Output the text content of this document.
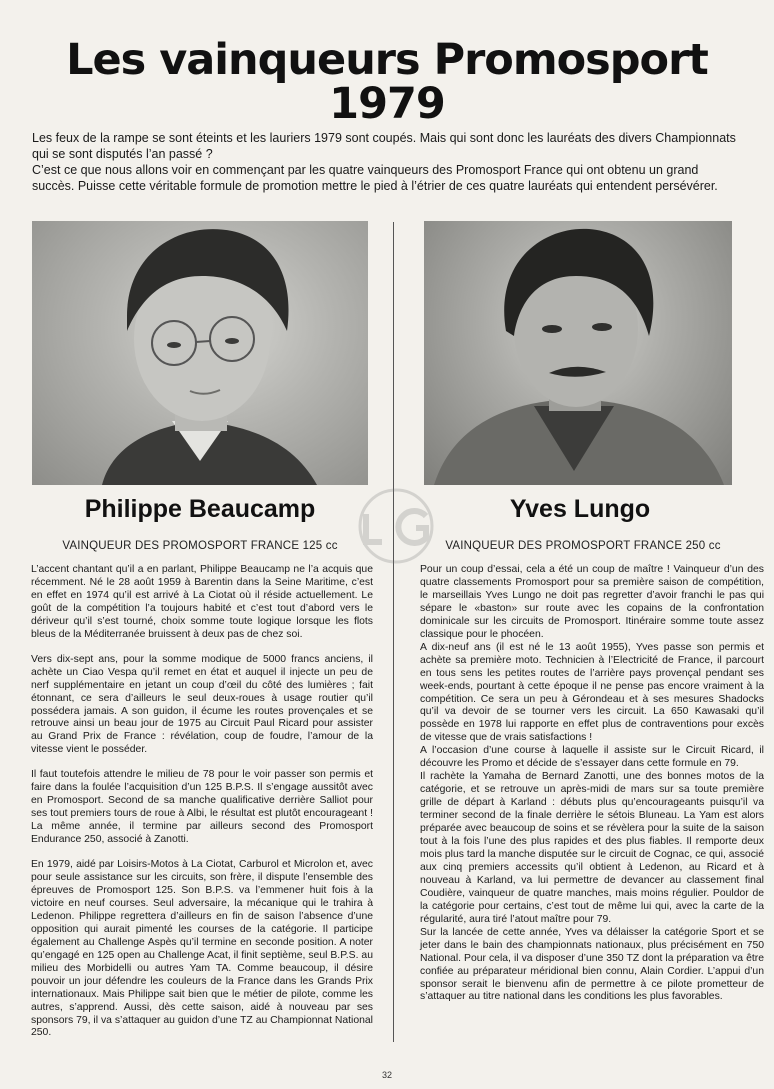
Les vainqueurs Promosport
1979

Les feux de la rampe se sont éteints et les lauriers 1979 sont coupés. Mais qui sont donc les lauréats des divers Championnats qui se sont disputés l’an passé ?

C’est ce que nous allons voir en commençant par les quatre vainqueurs des Promosport France qui ont obtenu un grand succès. Puisse cette véritable formule de promotion mettre le pied à l’étrier de ces quatre lauréats qui entendent persévérer.

Philippe Beaucamp	Yves Lungo

VAINQUEUR DES PROMOSPORT FRANCE 125 cc	VAINQUEUR DES PROMOSPORT FRANCE 250 cc

L’accent chantant qu’il a en parlant, Philippe Beaucamp ne l’a acquis que récemment. Né le 28 août 1959 à Barentin dans la Seine Maritime, c’est en effet en 1974 qu’il est arrivé à La Ciotat où il réside actuellement. Le goût de la compétition l’a toujours habité et c’est tout d’abord vers le dériveur qu’il s’est tourné, choix somme toute logique lorsque les flots bleus de la Méditerranée bruissent à deux pas de chez soi.

Vers dix-sept ans, pour la somme modique de 5000 francs anciens, il achète un Ciao Vespa qu’il remet en état et auquel il injecte un peu de nerf supplémentaire en jetant un coup d’œil du côté des lumières ; fait étonnant, ce sera d’ailleurs le seul deux-roues à usage routier qu’il possédera jamais. A son guidon, il écume les routes provençales et se retrouve ainsi un beau jour de 1975 au Circuit Paul Ricard pour assister au Grand Prix de France : révélation, coup de foudre, l’amour de la vitesse vient le posséder.

Il faut toutefois attendre le milieu de 78 pour le voir passer son permis et faire dans la foulée l’acquisition d’un 125 B.P.S. Il s’engage aussitôt avec en Promosport. Second de sa manche qualificative derrière Salliot pour ses tout premiers tours de roue à Albi, le résultat est plutôt encourageant ! La même année, il termine par ailleurs second des Promosport Endurance 250, associé à Zanotti.

En 1979, aidé par Loisirs-Motos à La Ciotat, Carburol et Microlon et, avec pour seule assistance sur les circuits, son frère, il dispute l’ensemble des épreuves de Promosport 125. Son B.P.S. va l’emmener huit fois à la victoire en neuf courses. Seul adversaire, la mécanique qui le trahira à Ledenon. Philippe regrettera d’ailleurs en fin de saison l’absence d’une opposition qui aurait pimenté les courses de la catégorie. Il participe également au Challenge Aspès qu’il termine en seconde position. A noter qu’engagé en 125 open au Challenge Acat, il finit septième, seul B.P.S. au milieu des Morbidelli ou autres Yam TA. Comme beaucoup, il désire pouvoir un jour défendre les couleurs de la France dans les Grands Prix internationaux. Mais Philippe sait bien que le métier de pilote, comme les autres, s’apprend. Aussi, dès cette saison, aidé à nouveau par ses sponsors 79, il va s’attaquer au guidon d’une TZ au Championnat National 250.

Pour un coup d’essai, cela a été un coup de maître ! Vainqueur d’un des quatre classements Promosport pour sa première saison de compétition, le marseillais Yves Lungo ne doit pas regretter d’avoir franchi le pas qui sépare le «baston» sur route avec les copains de la confrontation dominicale sur les circuits de Promosport. Itinéraire somme toute assez classique pour le phocéen.

A dix-neuf ans (il est né le 13 août 1955), Yves passe son permis et achète sa première moto. Technicien à l’Electricité de France, il parcourt en tous sens les petites routes de l’arrière pays provençal pendant ses week-ends, pourtant à cette époque il ne pense pas encore vraiment à la compétition. Ce sera un peu à Gérondeau et à ses mesures Shadocks qu’il va devoir de se tourner vers les circuit. La 650 Kawasaki qu’il possède en 1978 lui rapporte en effet plus de contraventions pour excès de vitesse que de vrais satisfactions !

A l’occasion d’une course à laquelle il assiste sur le Circuit Ricard, il découvre les Promo et décide de s’essayer dans cette formule en 79.

Il rachète la Yamaha de Bernard Zanotti, une des bonnes motos de la catégorie, et se retrouve un après-midi de mars sur sa toute première grille de départ à Karland : débuts plus qu’encourageants puisqu’il va terminer second de la finale derrière le sétois Bluneau. La Yam est alors préparée avec beaucoup de soins et se révèlera pour la suite de la saison tout à la fois l’une des plus rapides et des plus fiables. Il remporte deux mois plus tard la manche disputée sur le circuit de Cognac, ce qui, associé aux cinq premiers accessits qu’il obtient à Ledenon, au Ricard et à nouveau à Karland, va lui permettre de devancer au classement final Coudière, vainqueur de quatre manches, mais moins régulier. Pouldor de la catégorie pour certains, c’est tout de même lui qui, avec la carte de la régularité, aura tiré l’atout maître pour 79.

Sur la lancée de cette année, Yves va délaisser la catégorie Sport et se jeter dans le bain des championnats nationaux, plus précisément en 750 National. Pour cela, il va disposer d’une 350 TZ dont la préparation va être confiée au préparateur méridional bien connu, Alain Cordier. L’appui d’un sponsor serait le bienvenu afin de permettre à ce pilote prometteur de s’attaquer au titre national dans les conditions les plus favorables.

32
